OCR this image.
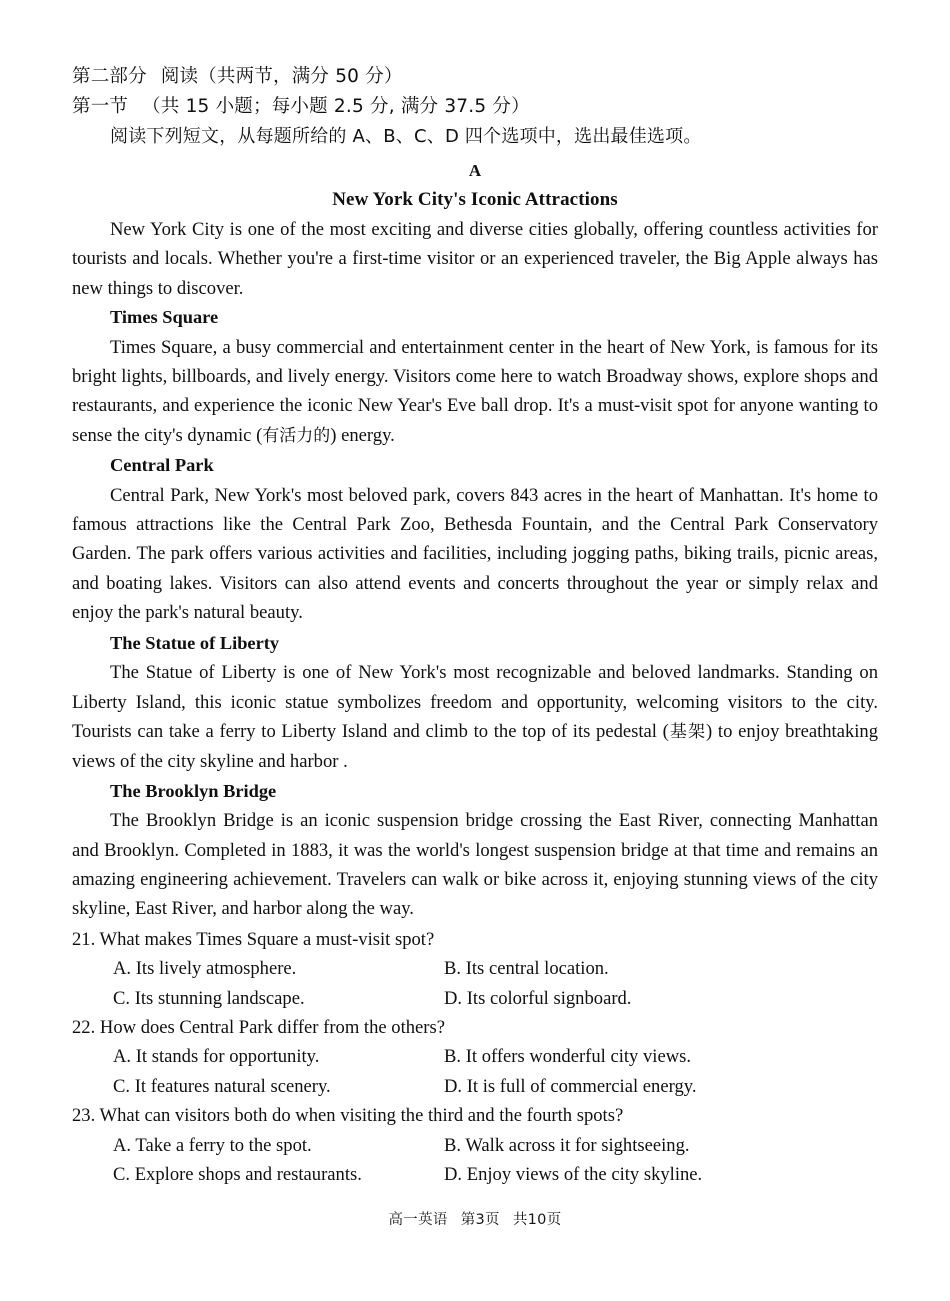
第二部分 阅读（共两节，满分 50 分）
第一节 （共 15 小题；每小题 2.5 分, 满分 37.5 分）
阅读下列短文，从每题所给的 A、B、C、D 四个选项中，选出最佳选项。
A
New York City's Iconic Attractions

New York City is one of the most exciting and diverse cities globally, offering countless activities for tourists and locals. Whether you're a first-time visitor or an experienced traveler, the Big Apple always has new things to discover.

Times Square

Times Square, a busy commercial and entertainment center in the heart of New York, is famous for its bright lights, billboards, and lively energy. Visitors come here to watch Broadway shows, explore shops and restaurants, and experience the iconic New Year's Eve ball drop. It's a must-visit spot for anyone wanting to sense the city's dynamic (有活力的) energy.

Central Park

Central Park, New York's most beloved park, covers 843 acres in the heart of Manhattan. It's home to famous attractions like the Central Park Zoo, Bethesda Fountain, and the Central Park Conservatory Garden. The park offers various activities and facilities, including jogging paths, biking trails, picnic areas, and boating lakes. Visitors can also attend events and concerts throughout the year or simply relax and enjoy the park's natural beauty.

The Statue of Liberty

The Statue of Liberty is one of New York's most recognizable and beloved landmarks. Standing on Liberty Island, this iconic statue symbolizes freedom and opportunity, welcoming visitors to the city. Tourists can take a ferry to Liberty Island and climb to the top of its pedestal (基架) to enjoy breathtaking views of the city skyline and harbor .

The Brooklyn Bridge

The Brooklyn Bridge is an iconic suspension bridge crossing the East River, connecting Manhattan and Brooklyn. Completed in 1883, it was the world's longest suspension bridge at that time and remains an amazing engineering achievement. Travelers can walk or bike across it, enjoying stunning views of the city skyline, East River, and harbor along the way.

21. What makes Times Square a must-visit spot?

A. Its lively atmosphere.	B. Its central location.
C. Its stunning landscape.	D. Its colorful signboard.

22. How does Central Park differ from the others?

A. It stands for opportunity.	B. It offers wonderful city views.
C. It features natural scenery.	D. It is full of commercial energy.

23. What can visitors both do when visiting the third and the fourth spots?

A. Take a ferry to the spot.	B. Walk across it for sightseeing.
C. Explore shops and restaurants.	D. Enjoy views of the city skyline.
高一英语 第3页 共10页
